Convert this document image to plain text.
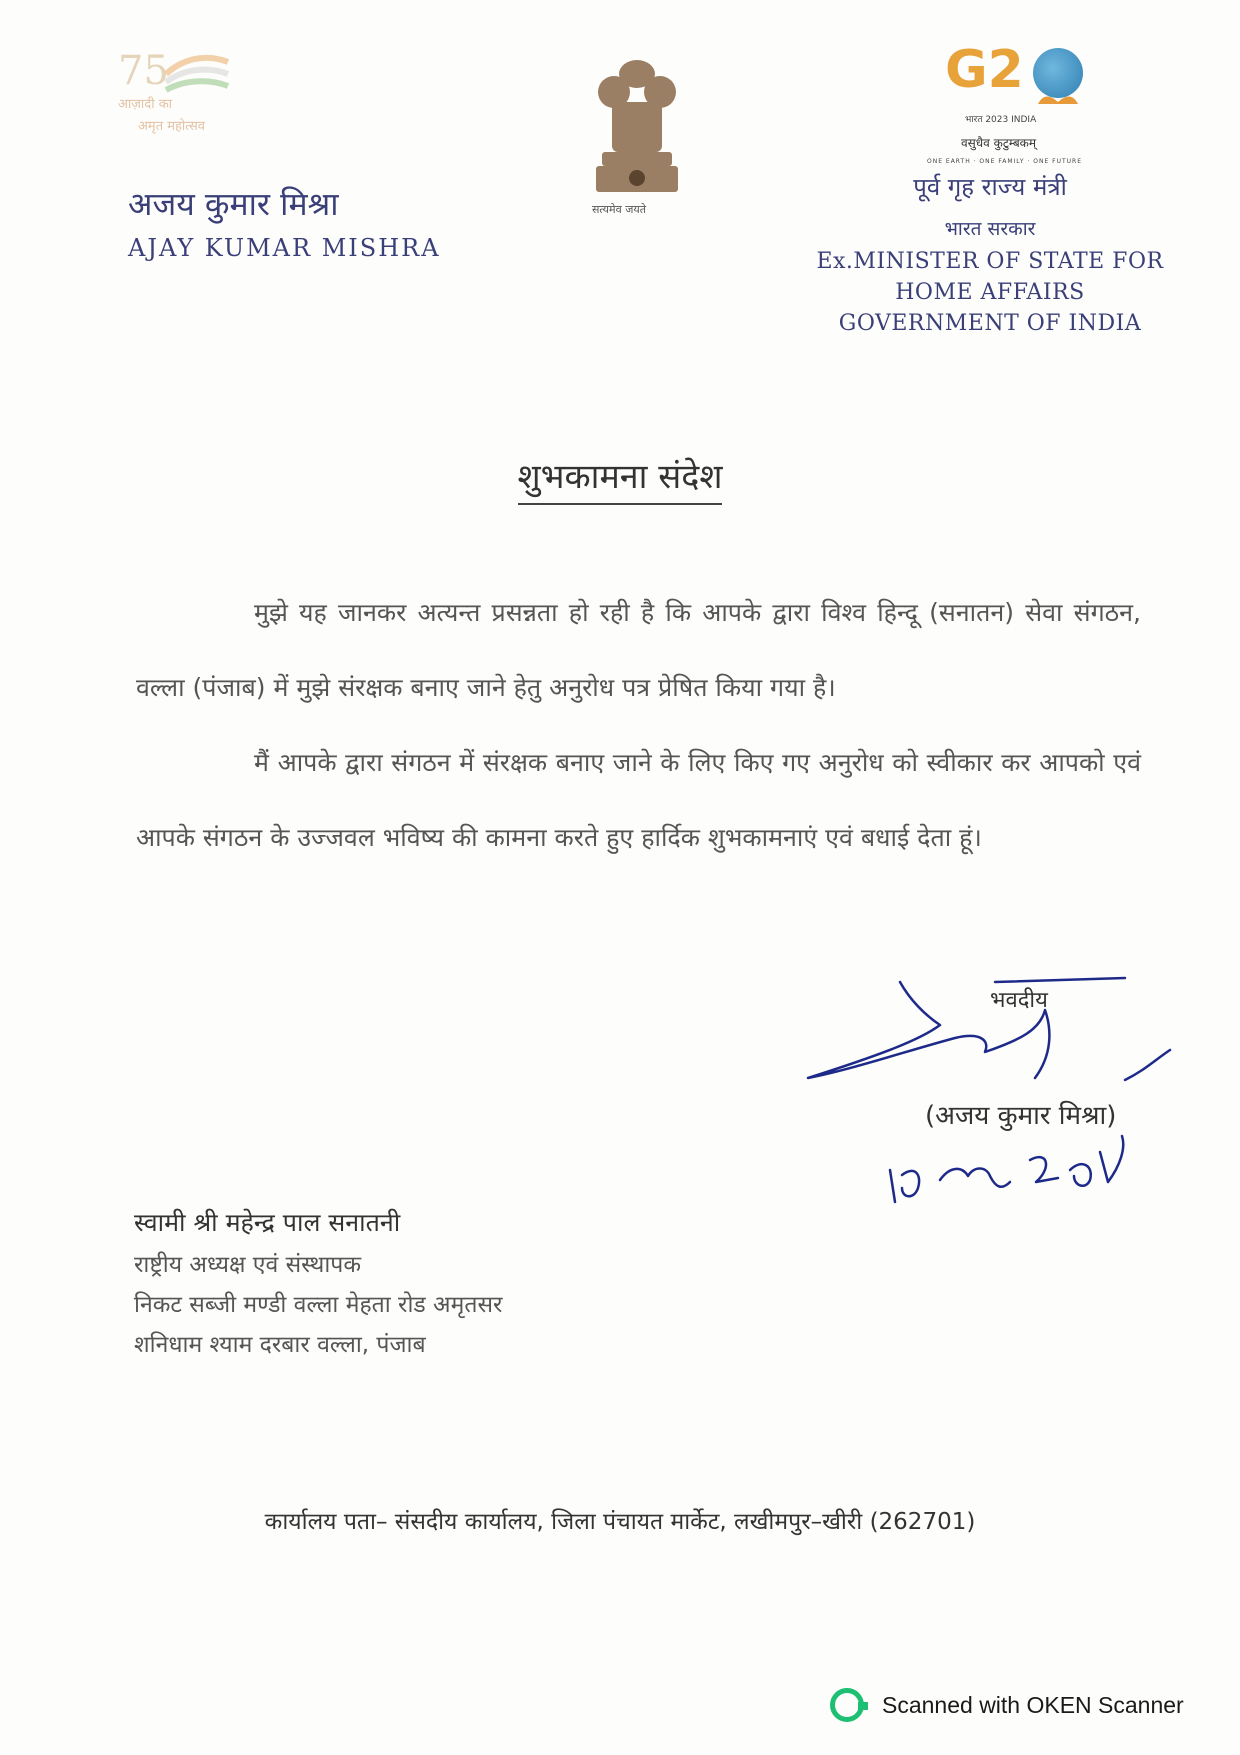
75
आज़ादी का
अमृत महोत्सव
सत्यमेव जयते
अजय कुमार मिश्रा
AJAY KUMAR MISHRA
G2
भारत 2023 INDIA
वसुधैव कुटुम्बकम्
ONE EARTH · ONE FAMILY · ONE FUTURE
पूर्व गृह राज्य मंत्री
भारत सरकार
Ex.MINISTER OF STATE FOR
HOME AFFAIRS
GOVERNMENT OF INDIA
शुभकामना संदेश

मुझे यह जानकर अत्यन्त प्रसन्नता हो रही है कि आपके द्वारा विश्व हिन्दू (सनातन) सेवा संगठन, वल्ला (पंजाब) में मुझे संरक्षक बनाए जाने हेतु अनुरोध पत्र प्रेषित किया गया है।

मैं आपके द्वारा संगठन में संरक्षक बनाए जाने के लिए किए गए अनुरोध को स्वीकार कर आपको एवं आपके संगठन के उज्जवल भविष्य की कामना करते हुए हार्दिक शुभकामनाएं एवं बधाई देता हूं।

भवदीय
(अजय कुमार मिश्रा)
स्वामी श्री महेन्द्र पाल सनातनी
राष्ट्रीय अध्यक्ष एवं संस्थापक
निकट सब्जी मण्डी वल्ला मेहता रोड अमृतसर
शनिधाम श्याम दरबार वल्ला, पंजाब
कार्यालय पता– संसदीय कार्यालय, जिला पंचायत मार्केट, लखीमपुर–खीरी (262701)
Scanned with OKEN Scanner
